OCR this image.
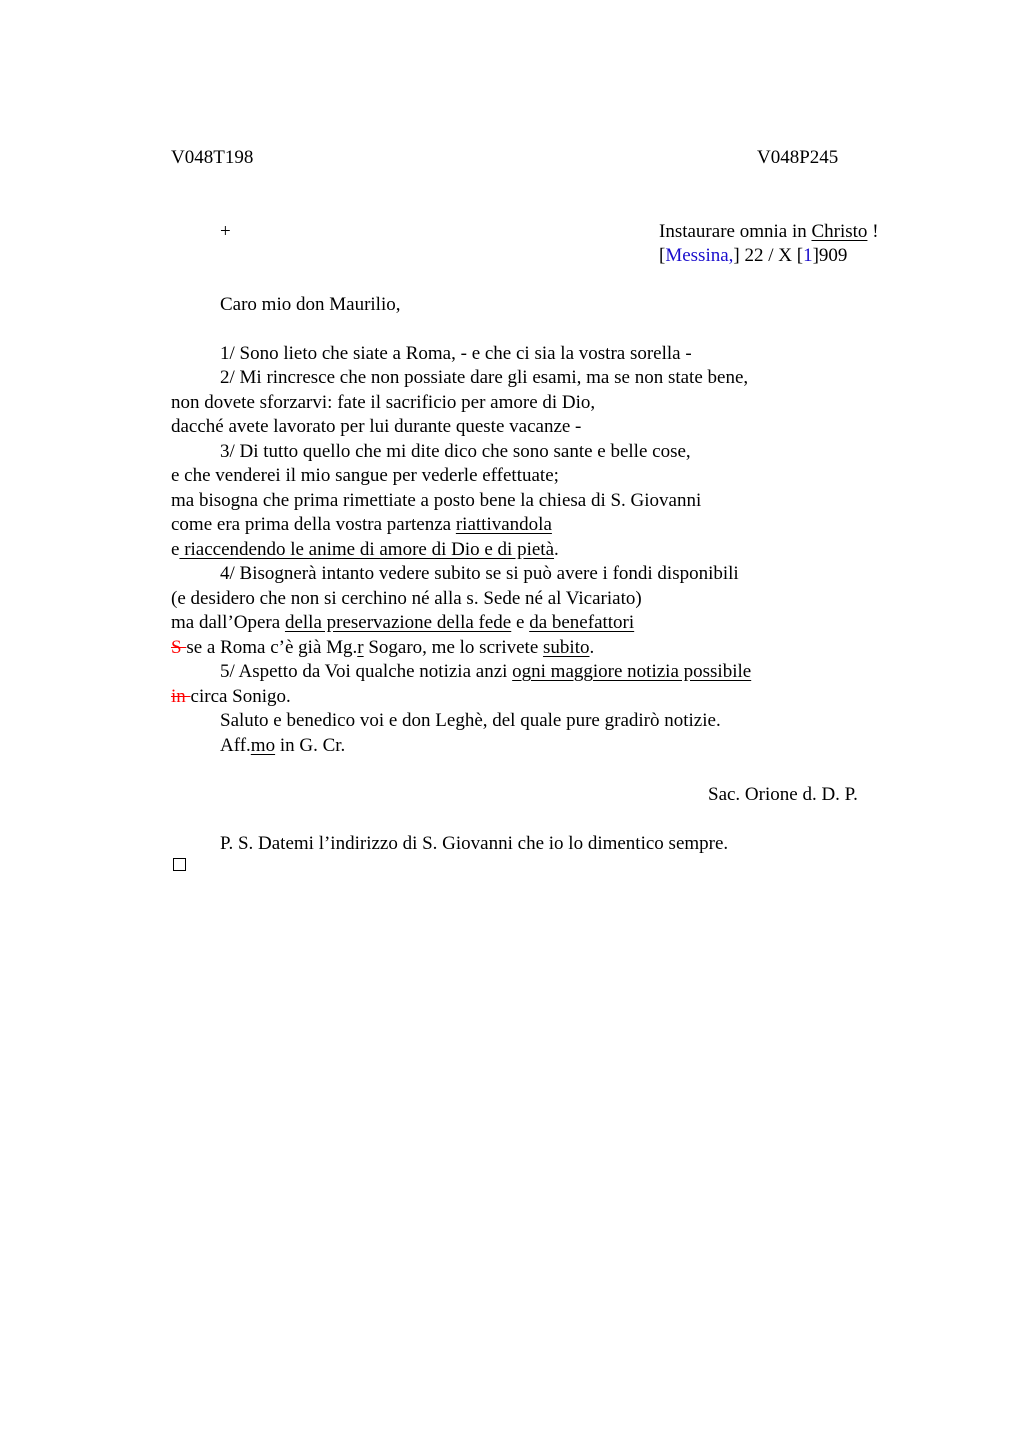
V048T198	V048P245
+	Instaurare omnia in Christo !
[Messina,] 22 / X [1]909
Caro mio don Maurilio,
1/ Sono lieto che siate a Roma, - e che ci sia la vostra sorella -
2/ Mi rincresce che non possiate dare gli esami, ma se non state bene,
non dovete sforzarvi: fate il sacrificio per amore di Dio,
dacché avete lavorato per lui durante queste vacanze -
3/ Di tutto quello che mi dite dico che sono sante e belle cose,
e che venderei il mio sangue per vederle effettuate;
ma bisogna che prima rimettiate a posto bene la chiesa di S. Giovanni
come era prima della vostra partenza riattivandola
e riaccendendo le anime di amore di Dio e di pietà.
4/ Bisognerà intanto vedere subito se si può avere i fondi disponibili
(e desidero che non si cerchino né alla s. Sede né al Vicariato)
ma dall’Opera della preservazione della fede e da benefattori
S se a Roma c’è già Mg.r Sogaro, me lo scrivete subito.
5/ Aspetto da Voi qualche notizia anzi ogni maggiore notizia possibile
in circa Sonigo.
Saluto e benedico voi e don Leghè, del quale pure gradirò notizie.
Aff.mo in G. Cr.
Sac. Orione d. D. P.
P. S. Datemi l’indirizzo di S. Giovanni che io lo dimentico sempre.
